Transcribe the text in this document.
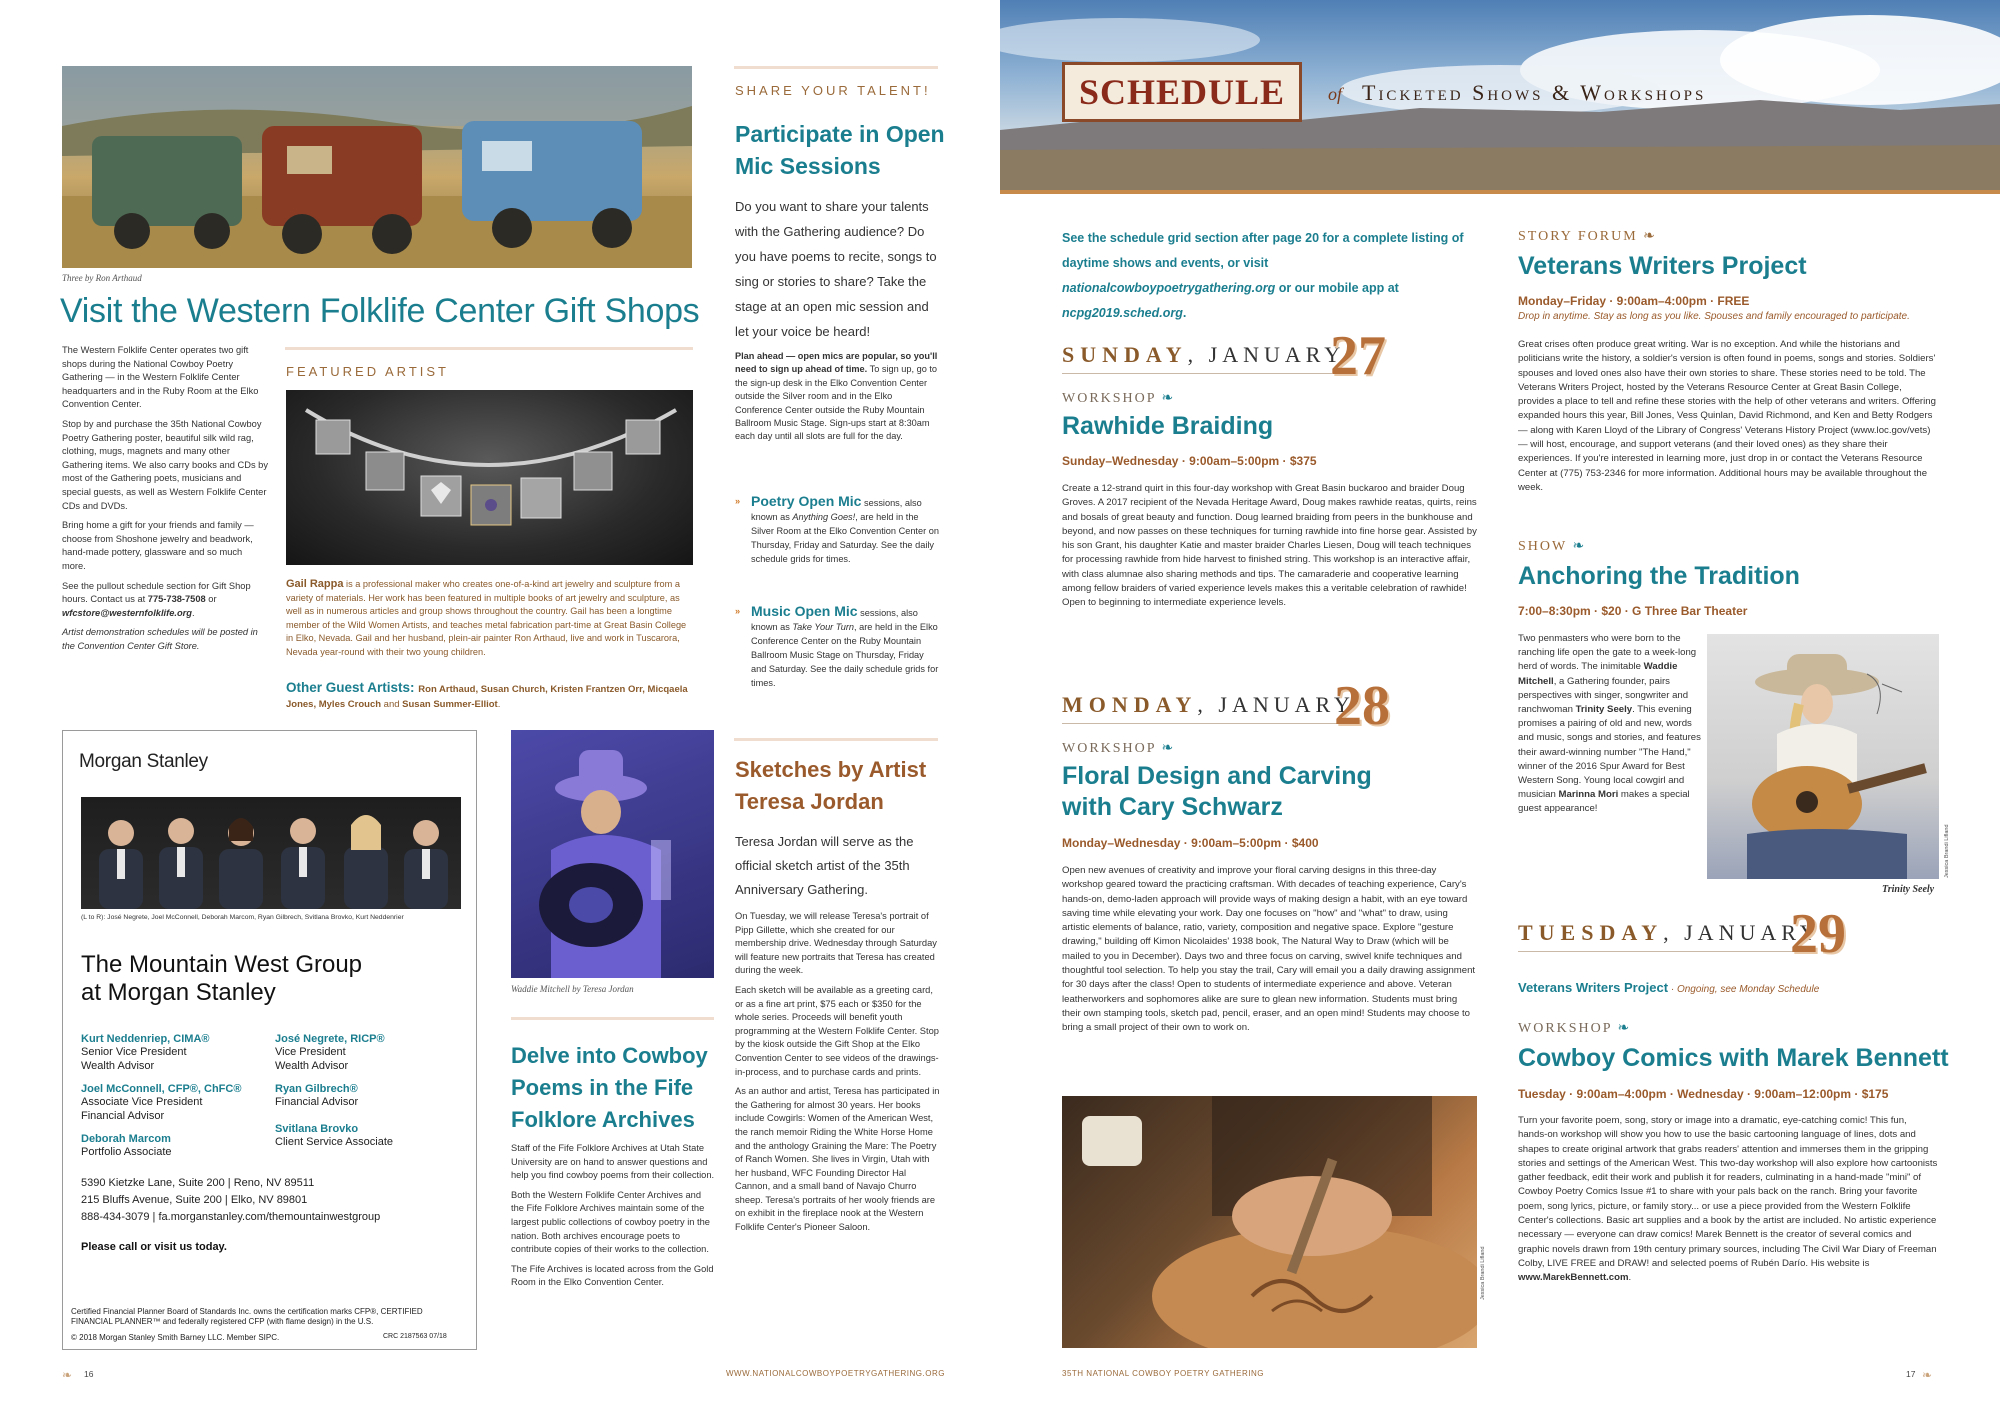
Three by Ron Arthaud
Visit the Western Folklife Center Gift Shops

The Western Folklife Center operates two gift shops during the National Cowboy Poetry Gathering — in the Western Folklife Center headquarters and in the Ruby Room at the Elko Convention Center.

Stop by and purchase the 35th National Cowboy Poetry Gathering poster, beautiful silk wild rag, clothing, mugs, magnets and many other Gathering items. We also carry books and CDs by most of the Gathering poets, musicians and special guests, as well as Western Folklife Center CDs and DVDs.

Bring home a gift for your friends and family — choose from Shoshone jewelry and beadwork, hand-made pottery, glassware and so much more.

See the pullout schedule section for Gift Shop hours. Contact us at 775-738-7508 or wfcstore@westernfolklife.org.

Artist demonstration schedules will be posted in the Convention Center Gift Store.

FEATURED ARTIST
Gail Rappa is a professional maker who creates one-of-a-kind art jewelry and sculpture from a variety of materials. Her work has been featured in multiple books of art jewelry and sculpture, as well as in numerous articles and group shows throughout the country. Gail has been a longtime member of the Wild Women Artists, and teaches metal fabrication part-time at Great Basin College in Elko, Nevada. Gail and her husband, plein-air painter Ron Arthaud, live and work in Tuscarora, Nevada year-round with their two young children.
Other Guest Artists: Ron Arthaud, Susan Church, Kristen Frantzen Orr, Micqaela Jones, Myles Crouch and Susan Summer-Elliot.
SHARE YOUR TALENT!
Participate in Open Mic Sessions
Do you want to share your talents with the Gathering audience? Do you have poems to recite, songs to sing or stories to share? Take the stage at an open mic session and let your voice be heard!
Plan ahead — open mics are popular, so you'll need to sign up ahead of time. To sign up, go to the sign-up desk in the Elko Convention Center outside the Silver room and in the Elko Conference Center outside the Ruby Mountain Ballroom Music Stage. Sign-ups start at 8:30am each day until all slots are full for the day.
» Poetry Open Mic sessions, also known as Anything Goes!, are held in the Silver Room at the Elko Convention Center on Thursday, Friday and Saturday. See the daily schedule grids for times.
» Music Open Mic sessions, also known as Take Your Turn, are held in the Elko Conference Center on the Ruby Mountain Ballroom Music Stage on Thursday, Friday and Saturday. See the daily schedule grids for times.
Morgan Stanley
(L to R): José Negrete, Joel McConnell, Deborah Marcom, Ryan Gilbrech, Svitlana Brovko, Kurt Neddenrier
The Mountain West Group
at Morgan Stanley
Kurt Neddenriep, CIMA®
Senior Vice President
Wealth Advisor
José Negrete, RICP®
Vice President
Wealth Advisor
Joel McConnell, CFP®, ChFC®
Associate Vice President
Financial Advisor
Ryan Gilbrech®
Financial Advisor
Deborah Marcom
Portfolio Associate
Svitlana Brovko
Client Service Associate
5390 Kietzke Lane, Suite 200 | Reno, NV 89511
215 Bluffs Avenue, Suite 200 | Elko, NV 89801
888-434-3079 | fa.morganstanley.com/themountainwestgroup
Please call or visit us today.
Certified Financial Planner Board of Standards Inc. owns the certification marks CFP®, CERTIFIED FINANCIAL PLANNER™ and federally registered CFP (with flame design) in the U.S.
© 2018 Morgan Stanley Smith Barney LLC. Member SIPC.	CRC 2187563 07/18
Waddie Mitchell by Teresa Jordan
Delve into Cowboy Poems in the Fife Folklore Archives

Staff of the Fife Folklore Archives at Utah State University are on hand to answer questions and help you find cowboy poems from their collection.

Both the Western Folklife Center Archives and the Fife Folklore Archives maintain some of the largest public collections of cowboy poetry in the nation. Both archives encourage poets to contribute copies of their works to the collection.

The Fife Archives is located across from the Gold Room in the Elko Convention Center.

Sketches by Artist Teresa Jordan
Teresa Jordan will serve as the official sketch artist of the 35th Anniversary Gathering.

On Tuesday, we will release Teresa's portrait of Pipp Gillette, which she created for our membership drive. Wednesday through Saturday will feature new portraits that Teresa has created during the week.

Each sketch will be available as a greeting card, or as a fine art print, $75 each or $350 for the whole series. Proceeds will benefit youth programming at the Western Folklife Center. Stop by the kiosk outside the Gift Shop at the Elko Convention Center to see videos of the drawings-in-process, and to purchase cards and prints.

As an author and artist, Teresa has participated in the Gathering for almost 30 years. Her books include Cowgirls: Women of the American West, the ranch memoir Riding the White Horse Home and the anthology Graining the Mare: The Poetry of Ranch Women. She lives in Virgin, Utah with her husband, WFC Founding Director Hal Cannon, and a small band of Navajo Churro sheep. Teresa's portraits of her wooly friends are on exhibit in the fireplace nook at the Western Folklife Center's Pioneer Saloon.

❧ 16	WWW.NATIONALCOWBOYPOETRYGATHERING.ORG
SCHEDULE of Ticketed Shows & Workshops
See the schedule grid section after page 20 for a complete listing of daytime shows and events, or visit nationalcowboypoetrygathering.org or our mobile app at ncpg2019.sched.org.
SUNDAY, JANUARY
27
WORKSHOP ❧
Rawhide Braiding
Sunday–Wednesday · 9:00am–5:00pm · $375
Create a 12-strand quirt in this four-day workshop with Great Basin buckaroo and braider Doug Groves. A 2017 recipient of the Nevada Heritage Award, Doug makes rawhide reatas, quirts, reins and bosals of great beauty and function. Doug learned braiding from peers in the bunkhouse and beyond, and now passes on these techniques for turning rawhide into fine horse gear. Assisted by his son Grant, his daughter Katie and master braider Charles Liesen, Doug will teach techniques for processing rawhide from hide harvest to finished string. This workshop is an interactive affair, with class alumnae also sharing methods and tips. The camaraderie and cooperative learning among fellow braiders of varied experience levels makes this a veritable celebration of rawhide! Open to beginning to intermediate experience levels.
MONDAY, JANUARY
28
WORKSHOP ❧
Floral Design and Carving
with Cary Schwarz
Monday–Wednesday · 9:00am–5:00pm · $400
Open new avenues of creativity and improve your floral carving designs in this three-day workshop geared toward the practicing craftsman. With decades of teaching experience, Cary's hands-on, demo-laden approach will provide ways of making design a habit, with an eye toward saving time while elevating your work. Day one focuses on "how" and "what" to draw, using artistic elements of balance, ratio, variety, composition and negative space. Explore "gesture drawing," building off Kimon Nicolaides' 1938 book, The Natural Way to Draw (which will be mailed to you in December). Days two and three focus on carving, swivel knife techniques and thoughtful tool selection. To help you stay the trail, Cary will email you a daily drawing assignment for 30 days after the class! Open to students of intermediate experience and above. Veteran leatherworkers and sophomores alike are sure to glean new information. Students must bring their own stamping tools, sketch pad, pencil, eraser, and an open mind! Students may choose to bring a small project of their own to work on.
Jessica Brandi Lifland
STORY FORUM ❧
Veterans Writers Project
Monday–Friday · 9:00am–4:00pm · FREE
Drop in anytime. Stay as long as you like. Spouses and family encouraged to participate.
Great crises often produce great writing. War is no exception. And while the historians and politicians write the history, a soldier's version is often found in poems, songs and stories. Soldiers' spouses and loved ones also have their own stories to share. These stories need to be told. The Veterans Writers Project, hosted by the Veterans Resource Center at Great Basin College, provides a place to tell and refine these stories with the help of other veterans and writers. Offering expanded hours this year, Bill Jones, Vess Quinlan, David Richmond, and Ken and Betty Rodgers — along with Karen Lloyd of the Library of Congress' Veterans History Project (www.loc.gov/vets) — will host, encourage, and support veterans (and their loved ones) as they share their experiences. If you're interested in learning more, just drop in or contact the Veterans Resource Center at (775) 753-2346 for more information. Additional hours may be available throughout the week.
SHOW ❧
Anchoring the Tradition
7:00–8:30pm · $20 · G Three Bar Theater
Two penmasters who were born to the ranching life open the gate to a week-long herd of words. The inimitable Waddie Mitchell, a Gathering founder, pairs perspectives with singer, songwriter and ranchwoman Trinity Seely. This evening promises a pairing of old and new, words and music, songs and stories, and features their award-winning number "The Hand," winner of the 2016 Spur Award for Best Western Song. Young local cowgirl and musician Marinna Mori makes a special guest appearance!
Trinity Seely
Jessica Brandi Lifland
TUESDAY, JANUARY
29
Veterans Writers Project · Ongoing, see Monday Schedule
WORKSHOP ❧
Cowboy Comics with Marek Bennett
Tuesday · 9:00am–4:00pm · Wednesday · 9:00am–12:00pm · $175
Turn your favorite poem, song, story or image into a dramatic, eye-catching comic! This fun, hands-on workshop will show you how to use the basic cartooning language of lines, dots and shapes to create original artwork that grabs readers' attention and immerses them in the gripping stories and settings of the American West. This two-day workshop will also explore how cartoonists gather feedback, edit their work and publish it for readers, culminating in a hand-made "mini" of Cowboy Poetry Comics Issue #1 to share with your pals back on the ranch. Bring your favorite poem, song lyrics, picture, or family story... or use a piece provided from the Western Folklife Center's collections. Basic art supplies and a book by the artist are included. No artistic experience necessary — everyone can draw comics! Marek Bennett is the creator of several comics and graphic novels drawn from 19th century primary sources, including The Civil War Diary of Freeman Colby, LIVE FREE and DRAW! and selected poems of Rubén Darío. His website is www.MarekBennett.com.
35TH NATIONAL COWBOY POETRY GATHERING	17 ❧
